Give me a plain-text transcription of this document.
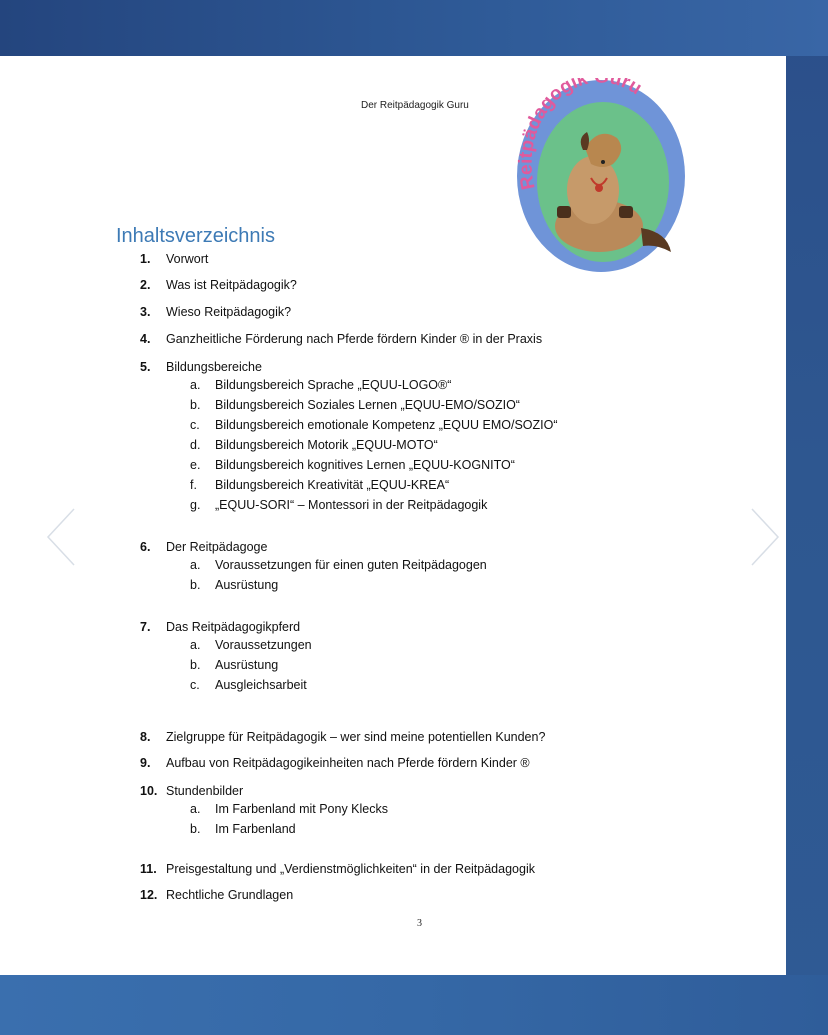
Der Reitpädagogik Guru
Reitpädagogik uru
Inhaltsverzeichnis
1. Vorwort
2. Was ist Reitpädagogik?
3. Wieso Reitpädagogik?
4. Ganzheitliche Förderung nach Pferde fördern Kinder ® in der Praxis
5. Bildungsbereiche
a. Bildungsbereich Sprache „EQUU-LOGO®“
b. Bildungsbereich Soziales Lernen „EQUU-EMO/SOZIO“
c. Bildungsbereich emotionale Kompetenz „EQUU EMO/SOZIO“
d. Bildungsbereich Motorik „EQUU-MOTO“
e. Bildungsbereich kognitives Lernen „EQUU-KOGNITO“
f. Bildungsbereich Kreativität „EQUU-KREA“
g. „EQUU-SORI“ – Montessori in der Reitpädagogik
6. Der Reitpädagoge
a. Voraussetzungen für einen guten Reitpädagogen
b. Ausrüstung
7. Das Reitpädagogikpferd
a. Voraussetzungen
b. Ausrüstung
c. Ausgleichsarbeit
8. Zielgruppe für Reitpädagogik – wer sind meine potentiellen Kunden?
9. Aufbau von Reitpädagogikeinheiten nach Pferde fördern Kinder ®
10. Stundenbilder
a. Im Farbenland mit Pony Klecks
b. Im Farbenland
11. Preisgestaltung und „Verdienstmöglichkeiten“ in der Reitpädagogik
12. Rechtliche Grundlagen
3
